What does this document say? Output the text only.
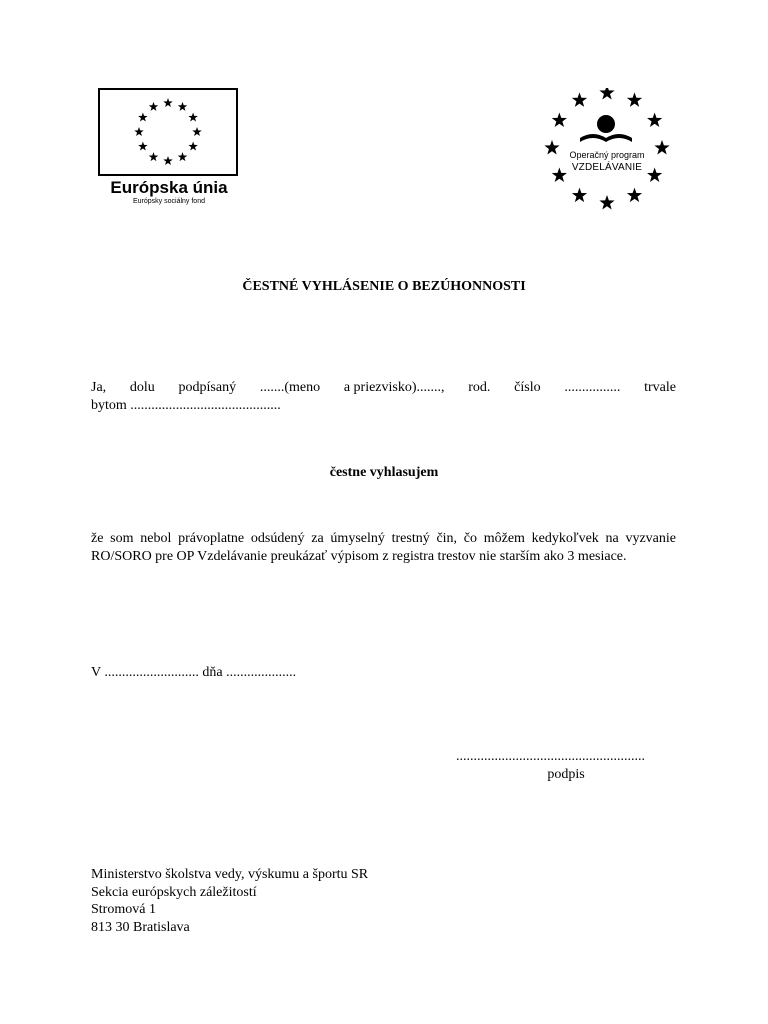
Európska únia
Európsky sociálny fond
Operačný program
VZDELÁVANIE
ČESTNÉ VYHLÁSENIE O BEZÚHONNOSTI
Ja, dolu podpísaný .......(meno a priezvisko)......., rod. číslo ................ trvale
bytom ...........................................
čestne vyhlasujem
že som nebol právoplatne odsúdený za úmyselný trestný čin, čo môžem kedykoľvek na vyzvanie RO/SORO pre OP Vzdelávanie preukázať výpisom z registra trestov nie starším ako 3 mesiace.
V ........................... dňa ....................
......................................................
podpis
Ministerstvo školstva vedy, výskumu a športu SR
Sekcia európskych záležitostí
Stromová 1
813 30 Bratislava
